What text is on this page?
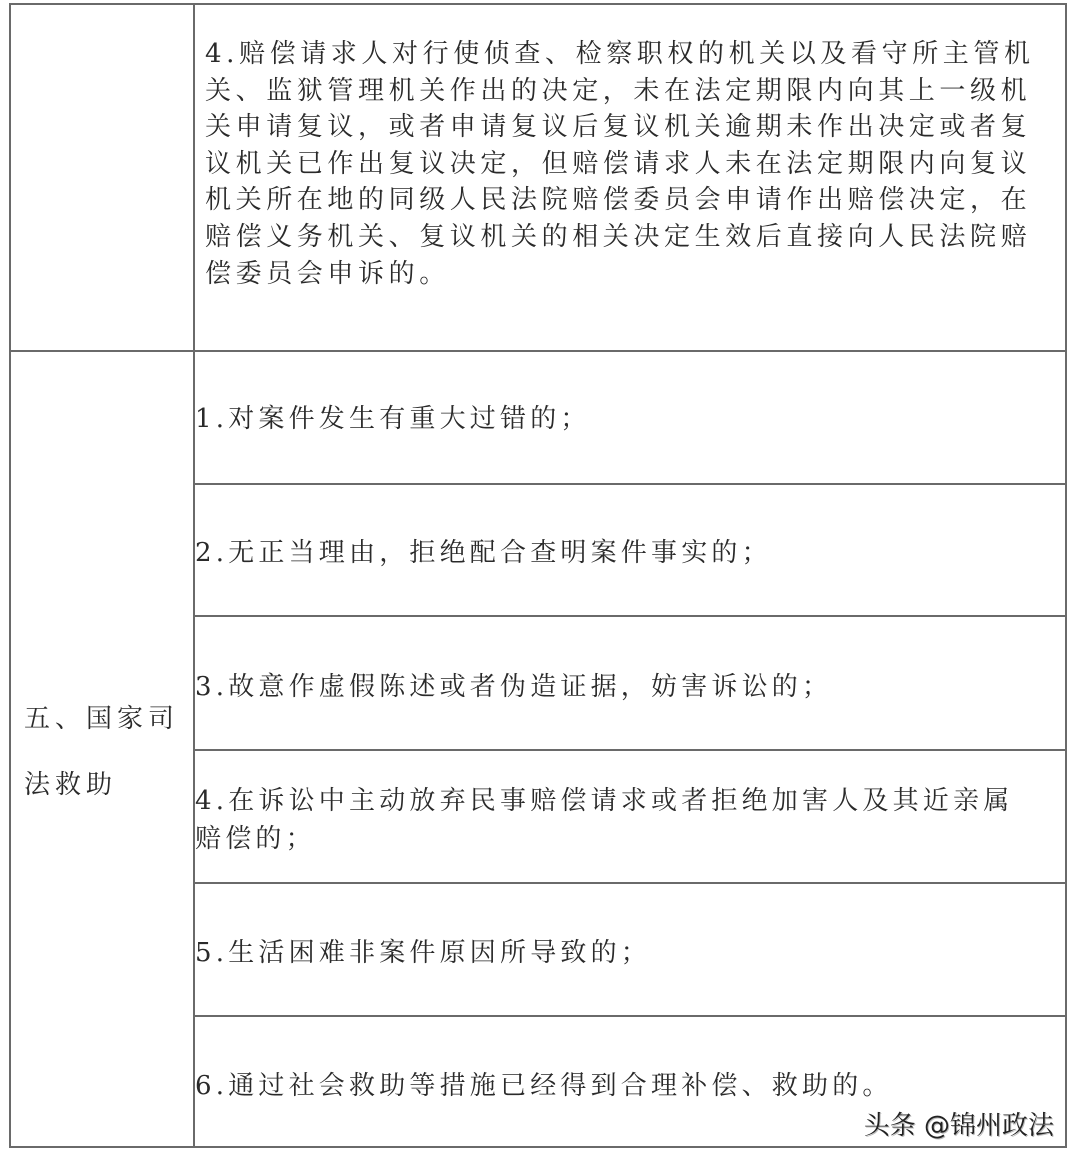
4.赔偿请求人对行使侦查、检察职权的机关以及看守所主管机
关、监狱管理机关作出的决定，未在法定期限内向其上一级机
关申请复议，或者申请复议后复议机关逾期未作出决定或者复
议机关已作出复议决定，但赔偿请求人未在法定期限内向复议
机关所在地的同级人民法院赔偿委员会申请作出赔偿决定，在
赔偿义务机关、复议机关的相关决定生效后直接向人民法院赔
偿委员会申诉的。
五、国家司
法救助
1.对案件发生有重大过错的；
2.无正当理由，拒绝配合查明案件事实的；
3.故意作虚假陈述或者伪造证据，妨害诉讼的；
4.在诉讼中主动放弃民事赔偿请求或者拒绝加害人及其近亲属
赔偿的；
5.生活困难非案件原因所导致的；
6.通过社会救助等措施已经得到合理补偿、救助的。
头条 @锦州政法
